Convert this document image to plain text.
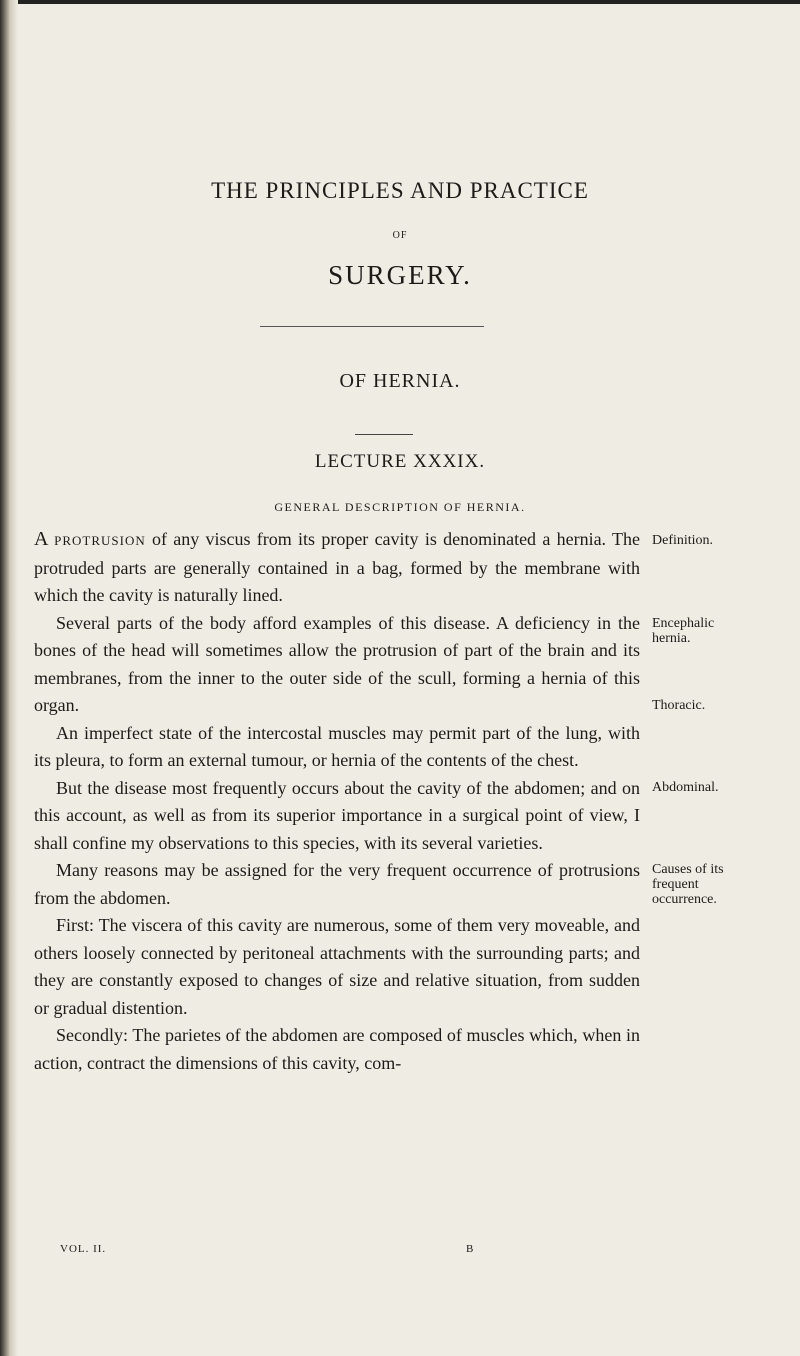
THE PRINCIPLES AND PRACTICE
OF
SURGERY.
OF HERNIA.
LECTURE XXXIX.
GENERAL DESCRIPTION OF HERNIA.

A PROTRUSION of any viscus from its proper cavity is denominated a hernia. The protruded parts are generally contained in a bag, formed by the membrane with which the cavity is naturally lined.

Several parts of the body afford examples of this disease. A deficiency in the bones of the head will sometimes allow the protrusion of part of the brain and its membranes, from the inner to the outer side of the scull, forming a hernia of this organ.

An imperfect state of the intercostal muscles may permit part of the lung, with its pleura, to form an external tumour, or hernia of the contents of the chest.

But the disease most frequently occurs about the cavity of the abdomen; and on this account, as well as from its superior importance in a surgical point of view, I shall confine my observations to this species, with its several varieties.

Many reasons may be assigned for the very frequent occurrence of protrusions from the abdomen.

First: The viscera of this cavity are numerous, some of them very moveable, and others loosely connected by peritoneal attachments with the surrounding parts; and they are constantly exposed to changes of size and relative situation, from sudden or gradual distention.

Secondly: The parietes of the abdomen are composed of muscles which, when in action, contract the dimensions of this cavity, com-

Definition.
Encephalic hernia.
Thoracic.
Abdominal.
Causes of its frequent occurrence.
VOL. II.	B
